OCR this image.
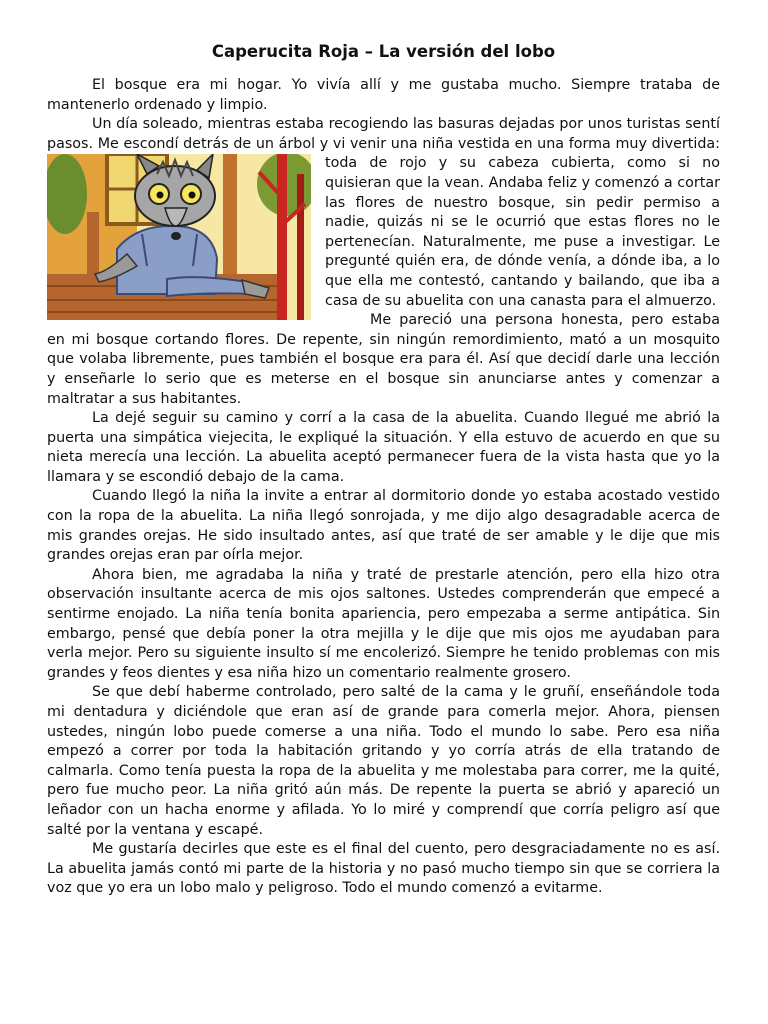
Caperucita Roja – La versión del lobo

El bosque era mi hogar. Yo vivía allí y me gustaba mucho. Siempre trataba de mantenerlo ordenado y limpio.

Un día soleado, mientras estaba recogiendo las basuras dejadas por unos turistas sentí pasos. Me escondí detrás de un árbol y vi venir una niña vestida en una
forma muy divertida: toda de rojo y su cabeza cubierta, como si no quisieran que la vean. Andaba feliz y comenzó a cortar las flores de nuestro bosque, sin pedir permiso a nadie, quizás ni se le ocurrió que estas flores no le pertenecían. Naturalmente, me puse a investigar. Le pregunté quién era, de dónde venía, a dónde iba, a lo que ella me contestó, cantando y bailando, que iba a casa de su abuelita con una canasta para el almuerzo.

Me pareció una persona honesta, pero estaba en mi bosque cortando flores. De repente, sin ningún remordimiento, mató a un mosquito que volaba libremente, pues también el bosque era para él. Así que decidí darle una lección y enseñarle lo serio que es meterse en el bosque sin anunciarse antes y comenzar a maltratar a sus habitantes.

La dejé seguir su camino y corrí a la casa de la abuelita. Cuando llegué me abrió la puerta una simpática viejecita, le expliqué la situación. Y ella estuvo de acuerdo en que su nieta merecía una lección. La abuelita aceptó permanecer fuera de la vista hasta que yo la llamara y se escondió debajo de la cama.

Cuando llegó la niña la invite a entrar al dormitorio donde yo estaba acostado vestido con la ropa de la abuelita. La niña llegó sonrojada, y me dijo algo desagradable acerca de mis grandes orejas. He sido insultado antes, así que traté de ser amable y le dije que mis grandes orejas eran par oírla mejor.

Ahora bien, me agradaba la niña y traté de prestarle atención, pero ella hizo otra observación insultante acerca de mis ojos saltones. Ustedes comprenderán que empecé a sentirme enojado. La niña tenía bonita apariencia, pero empezaba a serme antipática. Sin embargo, pensé que debía poner la otra mejilla y le dije que mis ojos me ayudaban para verla mejor. Pero su siguiente insulto sí me encolerizó. Siempre he tenido problemas con mis grandes y feos dientes y esa niña hizo un comentario realmente grosero.

Se que debí haberme controlado, pero salté de la cama y le gruñí, enseñándole toda mi dentadura y diciéndole que eran así de grande para comerla mejor. Ahora, piensen ustedes, ningún lobo puede comerse a una niña. Todo el mundo lo sabe. Pero esa niña empezó a correr por toda la habitación gritando y yo corría atrás de ella tratando de calmarla. Como tenía puesta la ropa de la abuelita y me molestaba para correr, me la quité, pero fue mucho peor. La niña gritó aún más. De repente la puerta se abrió y apareció un leñador con un hacha enorme y afilada. Yo lo miré y comprendí que corría peligro así que salté por la ventana y escapé.

Me gustaría decirles que este es el final del cuento, pero desgraciadamente no es así. La abuelita jamás contó mi parte de la historia y no pasó mucho tiempo sin que se corriera la voz que yo era un lobo malo y peligroso. Todo el mundo comenzó a evitarme.
